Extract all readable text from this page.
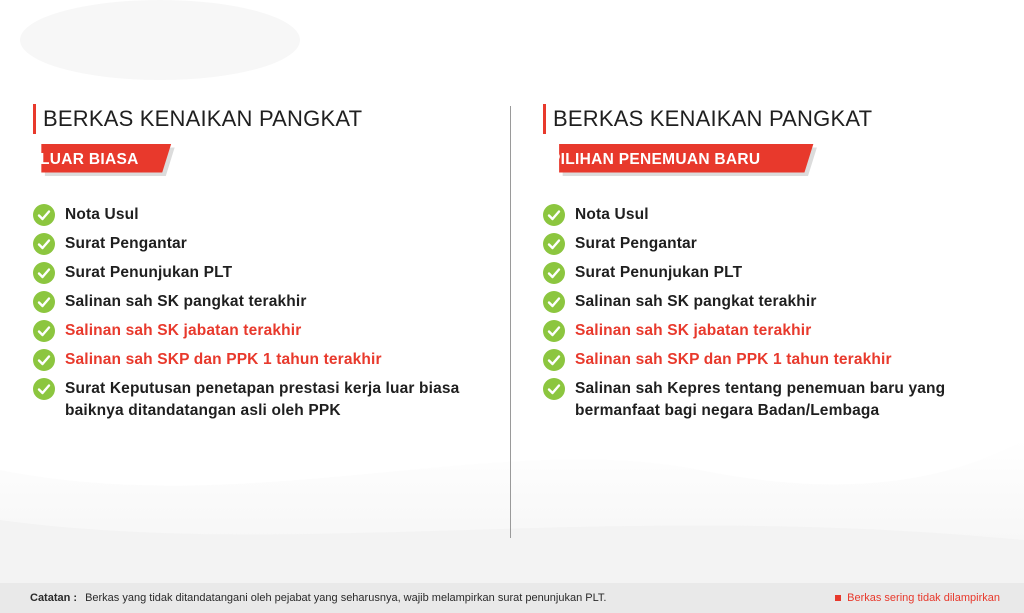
BERKAS KENAIKAN PANGKAT
LUAR BIASA
Nota Usul
Surat Pengantar
Surat Penunjukan PLT
Salinan sah SK pangkat terakhir
Salinan sah SK jabatan terakhir
Salinan sah SKP dan PPK 1 tahun terakhir
Surat Keputusan penetapan prestasi kerja luar biasa baiknya ditandatangan asli oleh PPK
BERKAS KENAIKAN PANGKAT
PILIHAN PENEMUAN BARU
Nota Usul
Surat Pengantar
Surat Penunjukan PLT
Salinan sah SK pangkat terakhir
Salinan sah SK jabatan terakhir
Salinan sah SKP dan PPK 1 tahun terakhir
Salinan sah Kepres tentang penemuan baru yang bermanfaat bagi negara Badan/Lembaga
Catatan : Berkas yang tidak ditandatangani oleh pejabat yang seharusnya, wajib melampirkan surat penunjukan PLT.	Berkas sering tidak dilampirkan
